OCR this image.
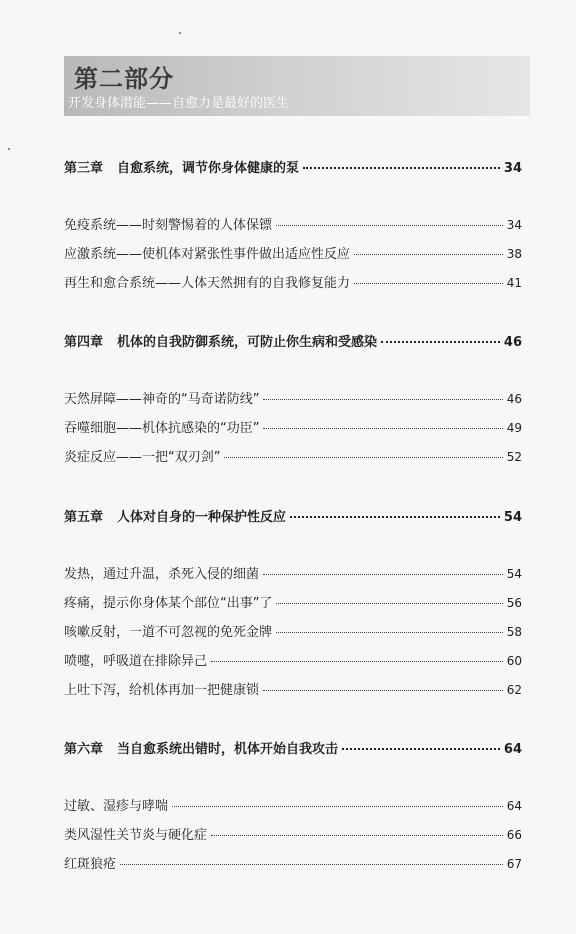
第二部分
开发身体潜能——自愈力是最好的医生
第三章 自愈系统，调节你身体健康的泵	34
免疫系统——时刻警惕着的人体保镖	34
应激系统——使机体对紧张性事件做出适应性反应	38
再生和愈合系统——人体天然拥有的自我修复能力	41
第四章 机体的自我防御系统，可防止你生病和受感染	46
天然屏障——神奇的“马奇诺防线”	46
吞噬细胞——机体抗感染的“功臣”	49
炎症反应——一把“双刃剑”	52
第五章 人体对自身的一种保护性反应	54
发热，通过升温，杀死入侵的细菌	54
疼痛，提示你身体某个部位“出事”了	56
咳嗽反射，一道不可忽视的免死金牌	58
喷嚏，呼吸道在排除异己	60
上吐下泻，给机体再加一把健康锁	62
第六章 当自愈系统出错时，机体开始自我攻击	64
过敏、湿疹与哮喘	64
类风湿性关节炎与硬化症	66
红斑狼疮	67
